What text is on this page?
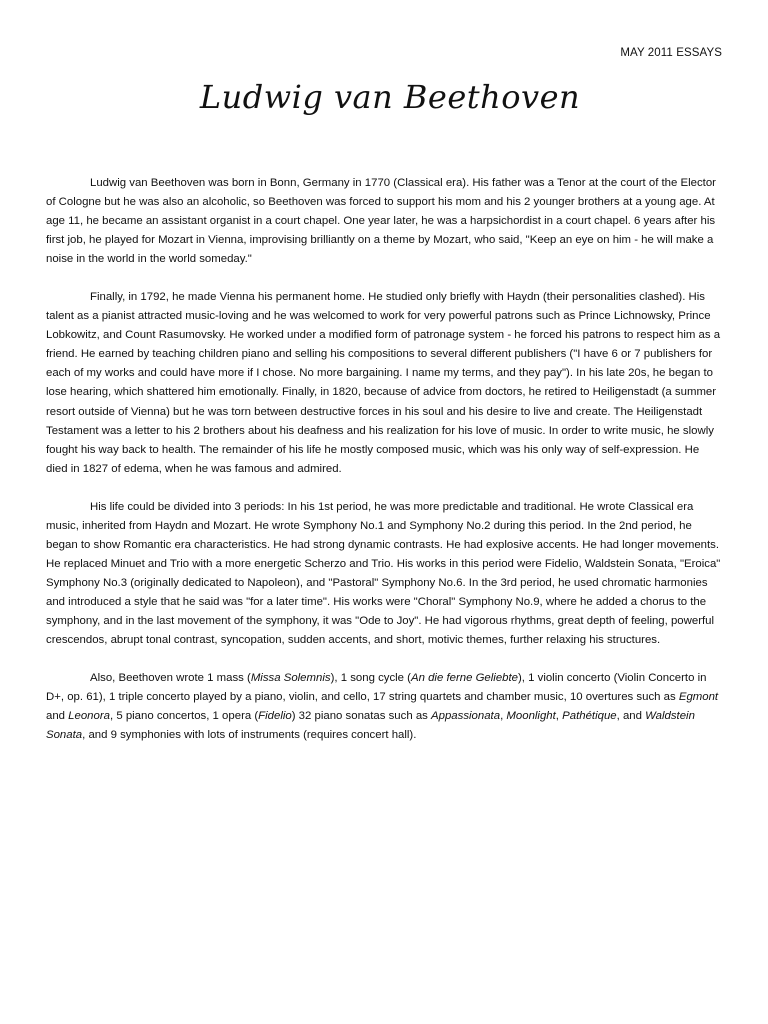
MAY 2011 ESSAYS
Ludwig van Beethoven

Ludwig van Beethoven was born in Bonn, Germany in 1770 (Classical era). His father was a Tenor at the court of the Elector of Cologne but he was also an alcoholic, so Beethoven was forced to support his mom and his 2 younger brothers at a young age. At age 11, he became an assistant organist in a court chapel. One year later, he was a harpsichordist in a court chapel. 6 years after his first job, he played for Mozart in Vienna, improvising brilliantly on a theme by Mozart, who said, "Keep an eye on him - he will make a noise in the world in the world someday."

Finally, in 1792, he made Vienna his permanent home. He studied only briefly with Haydn (their personalities clashed). His talent as a pianist attracted music-loving and he was welcomed to work for very powerful patrons such as Prince Lichnowsky, Prince Lobkowitz, and Count Rasumovsky. He worked under a modified form of patronage system - he forced his patrons to respect him as a friend. He earned by teaching children piano and selling his compositions to several different publishers ("I have 6 or 7 publishers for each of my works and could have more if I chose. No more bargaining. I name my terms, and they pay"). In his late 20s, he began to lose hearing, which shattered him emotionally. Finally, in 1820, because of advice from doctors, he retired to Heiligenstadt (a summer resort outside of Vienna) but he was torn between destructive forces in his soul and his desire to live and create. The Heiligenstadt Testament was a letter to his 2 brothers about his deafness and his realization for his love of music. In order to write music, he slowly fought his way back to health. The remainder of his life he mostly composed music, which was his only way of self-expression. He died in 1827 of edema, when he was famous and admired.

His life could be divided into 3 periods: In his 1st period, he was more predictable and traditional. He wrote Classical era music, inherited from Haydn and Mozart. He wrote Symphony No.1 and Symphony No.2 during this period. In the 2nd period, he began to show Romantic era characteristics. He had strong dynamic contrasts. He had explosive accents. He had longer movements. He replaced Minuet and Trio with a more energetic Scherzo and Trio. His works in this period were Fidelio, Waldstein Sonata, "Eroica" Symphony No.3 (originally dedicated to Napoleon), and "Pastoral" Symphony No.6. In the 3rd period, he used chromatic harmonies and introduced a style that he said was "for a later time". His works were "Choral" Symphony No.9, where he added a chorus to the symphony, and in the last movement of the symphony, it was "Ode to Joy". He had vigorous rhythms, great depth of feeling, powerful crescendos, abrupt tonal contrast, syncopation, sudden accents, and short, motivic themes, further relaxing his structures.

Also, Beethoven wrote 1 mass (Missa Solemnis), 1 song cycle (An die ferne Geliebte), 1 violin concerto (Violin Concerto in D+, op. 61), 1 triple concerto played by a piano, violin, and cello, 17 string quartets and chamber music, 10 overtures such as Egmont and Leonora, 5 piano concertos, 1 opera (Fidelio) 32 piano sonatas such as Appassionata, Moonlight, Pathétique, and Waldstein Sonata, and 9 symphonies with lots of instruments (requires concert hall).
